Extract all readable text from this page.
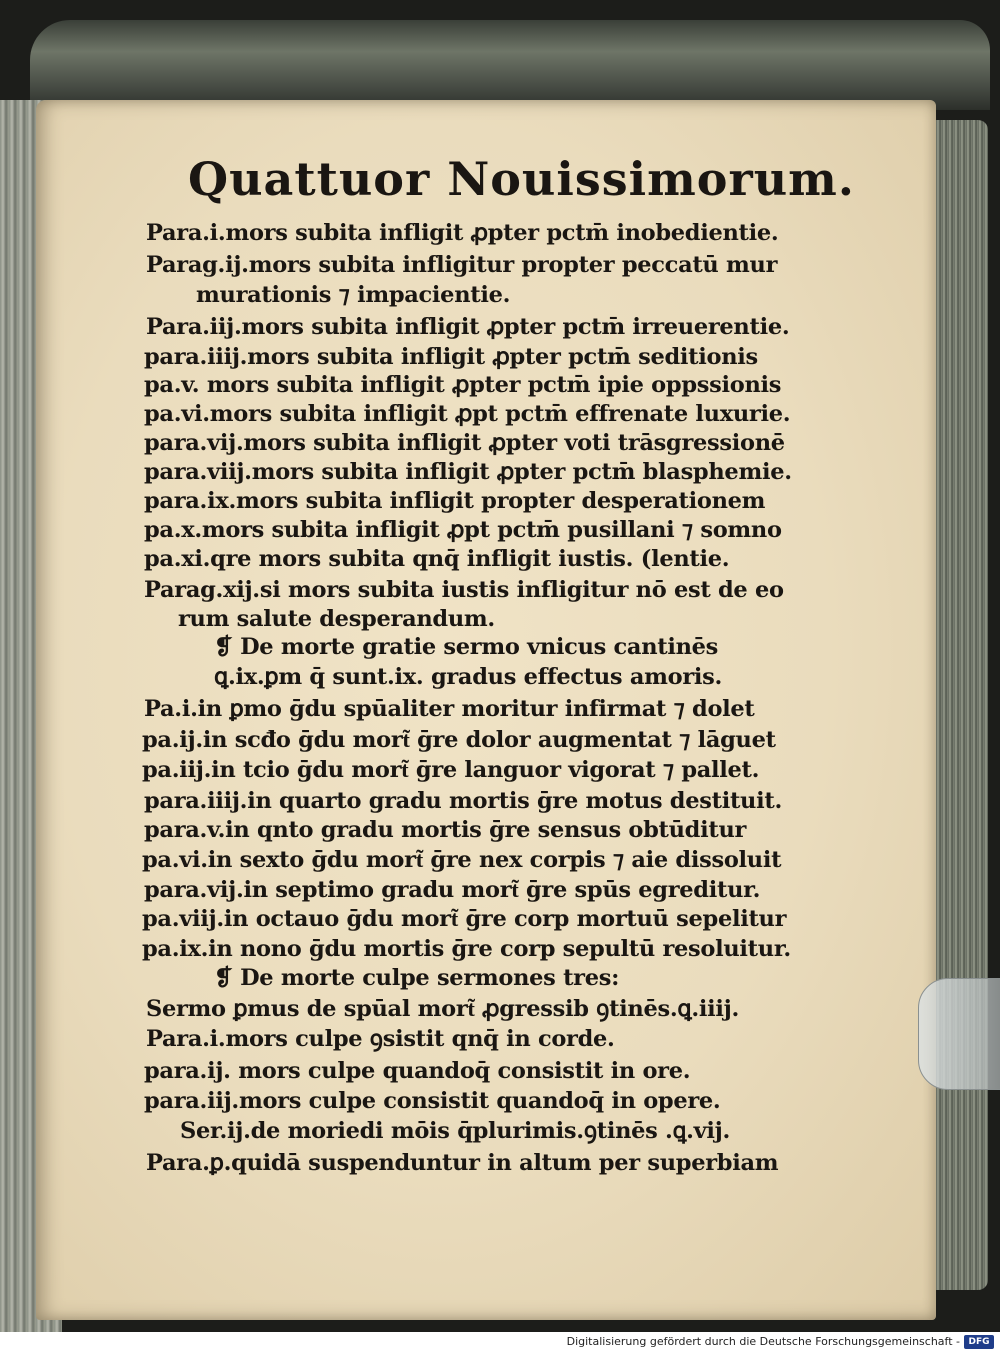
Quattuor Nouissimorum.
Para.i.mors subita infligit ꝓpter pctm̄ inobedientie.
Parag.ij.mors subita infligitur propter peccatū mur
murationis ⁊ impacientie.
Para.iij.mors subita infligit ꝓpter pctm̄ irreuerentie.
para.iiij.mors subita infligit ꝓpter pctm̄ seditionis
pa.v. mors subita infligit ꝓpter pctm̄ ipie oppssionis
pa.vi.mors subita infligit ꝓpt pctm̄ effrenate luxurie.
para.vij.mors subita infligit ꝓpter voti trāsgressionē
para.viij.mors subita infligit ꝓpter pctm̄ blasphemie.
para.ix.mors subita infligit propter desperationem
pa.x.mors subita infligit ꝓpt pctm̄ pusillani ⁊ somno
pa.xi.qre mors subita qnq̄ infligit iustis. (lentie.
Parag.xij.si mors subita iustis infligitur nō est de eo
rum salute desperandum.
❡ De morte gratie sermo vnicus cantinēs
ꝗ.ix.ꝑm q̄ sunt.ix. gradus effectus amoris.
Pa.i.in ꝑmo ḡdu spūaliter moritur infirmat ⁊ dolet
pa.ij.in scđo ḡdu mort͂ ḡre dolor augmentat ⁊ lāguet
pa.iij.in tcio ḡdu mort͂ ḡre languor vigorat ⁊ pallet.
para.iiij.in quarto gradu mortis ḡre motus destituit.
para.v.in qnto gradu mortis ḡre sensus obtūditur
pa.vi.in sexto ḡdu mort͂ ḡre nex corpis ⁊ aie dissoluit
para.vij.in septimo gradu mort͂ ḡre spūs egreditur.
pa.viij.in octauo ḡdu mort͂ ḡre corp mortuū sepelitur
pa.ix.in nono ḡdu mortis ḡre corp sepultū resoluitur.
❡ De morte culpe sermones tres:
Sermo ꝑmus de spūal mort͂ ꝓgressib ꝯtinēs.ꝗ.iiij.
Para.i.mors culpe ꝯsistit qnq̄ in corde.
para.ij. mors culpe quandoq̄ consistit in ore.
para.iij.mors culpe consistit quandoq̄ in opere.
Ser.ij.de moriedi mōis q̄plurimis.ꝯtinēs .ꝗ.vij.
Para.ꝑ.quidā suspenduntur in altum per superbiam
Digitalisierung gefördert durch die Deutsche Forschungsgemeinschaft - DFG
